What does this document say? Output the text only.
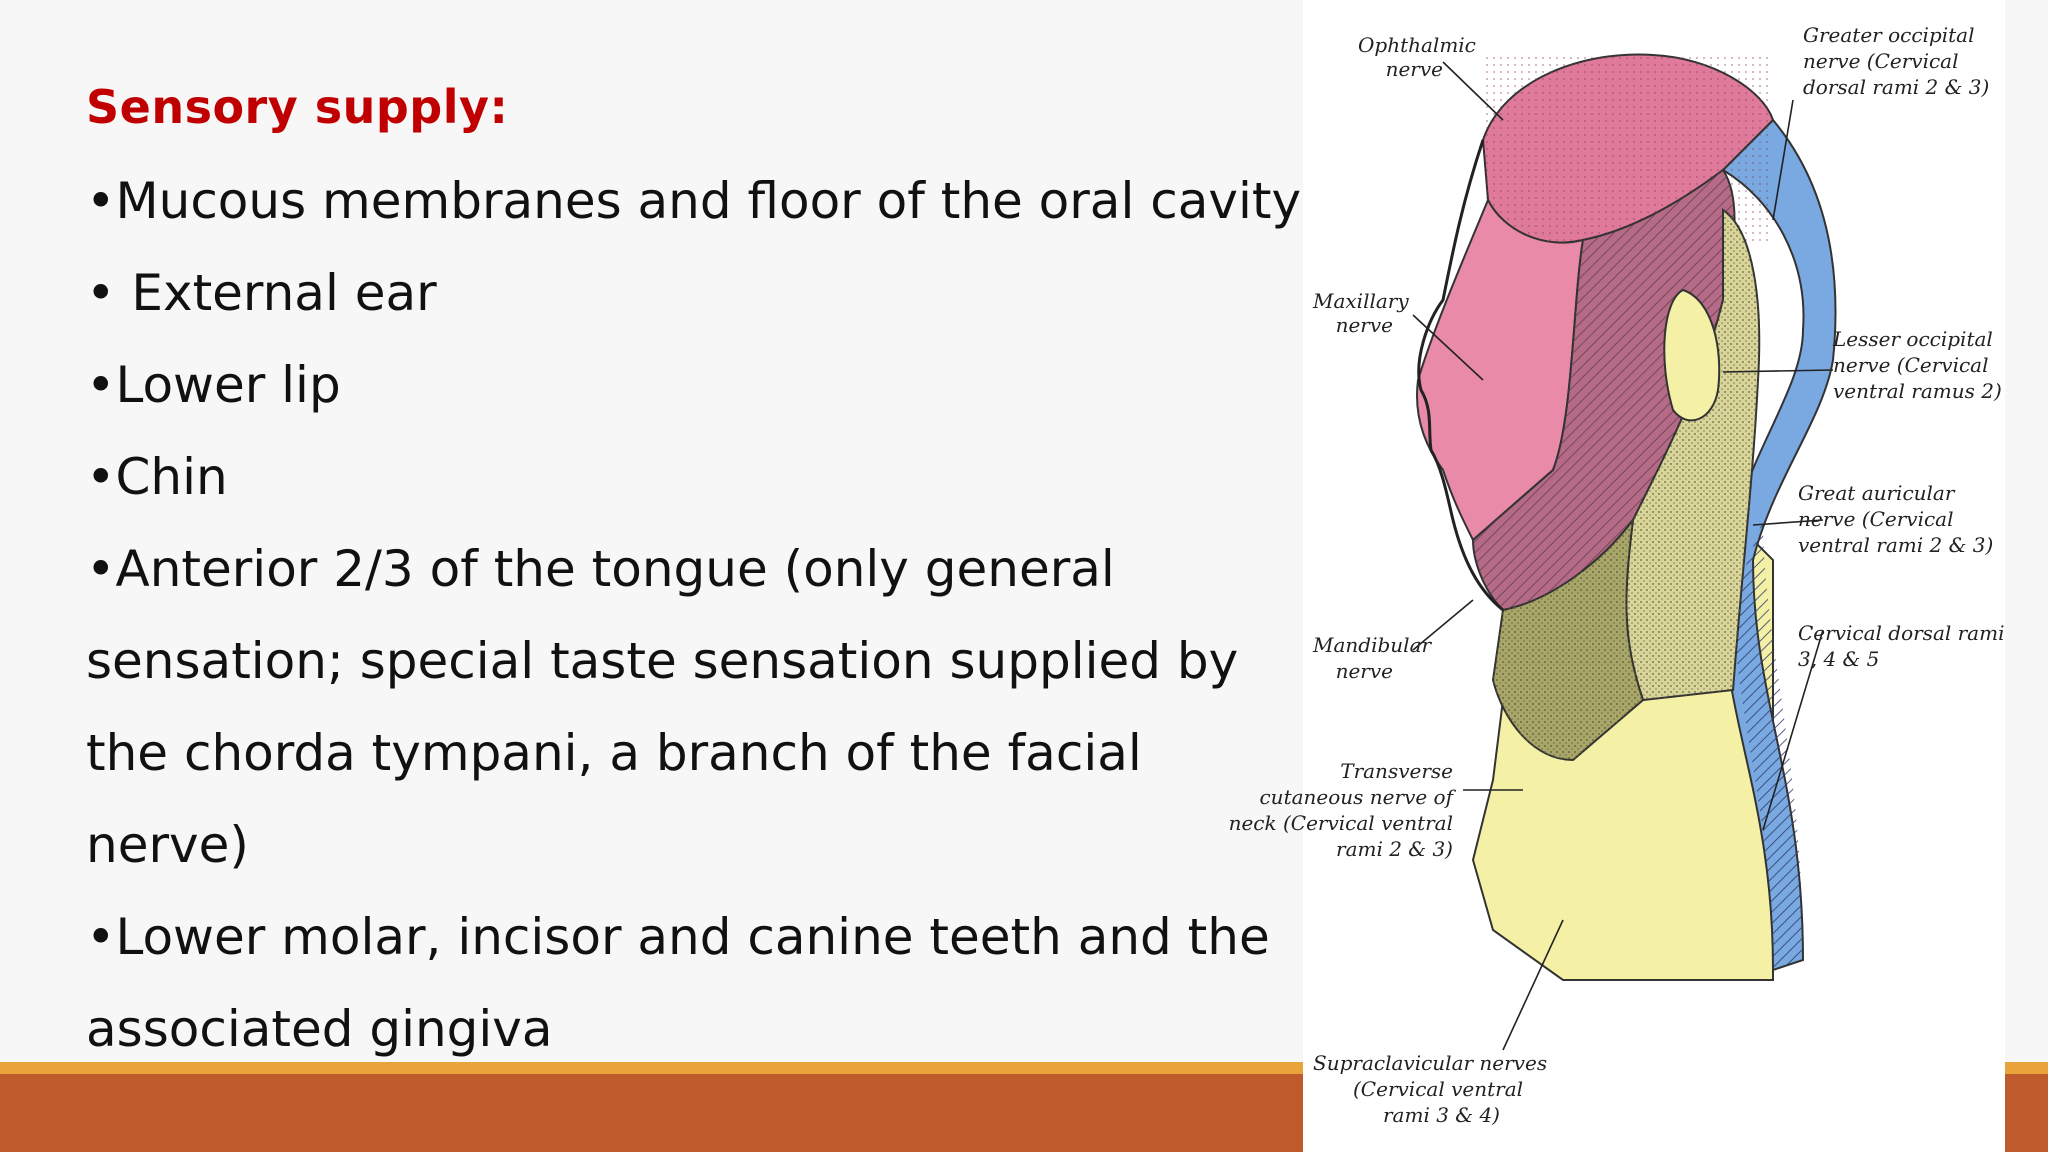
Sensory supply:
•Mucous membranes and floor of the oral cavity
• External ear
•Lower lip
•Chin
•Anterior 2/3 of the tongue (only general
sensation; special taste sensation supplied by
the chorda tympani, a branch of the facial
nerve)
•Lower molar, incisor and canine teeth and the
associated gingiva
Ophthalmic
nerve
Greater occipital
nerve (Cervical
dorsal rami 2 & 3)
Maxillary
nerve
Lesser occipital
nerve (Cervical
ventral ramus 2)
Great auricular
nerve (Cervical
ventral rami 2 & 3)
Cervical dorsal rami
3, 4 & 5
Mandibular
nerve
Transverse
cutaneous nerve of
neck (Cervical ventral
rami 2 & 3)
Supraclavicular nerves
(Cervical ventral
rami 3 & 4)
